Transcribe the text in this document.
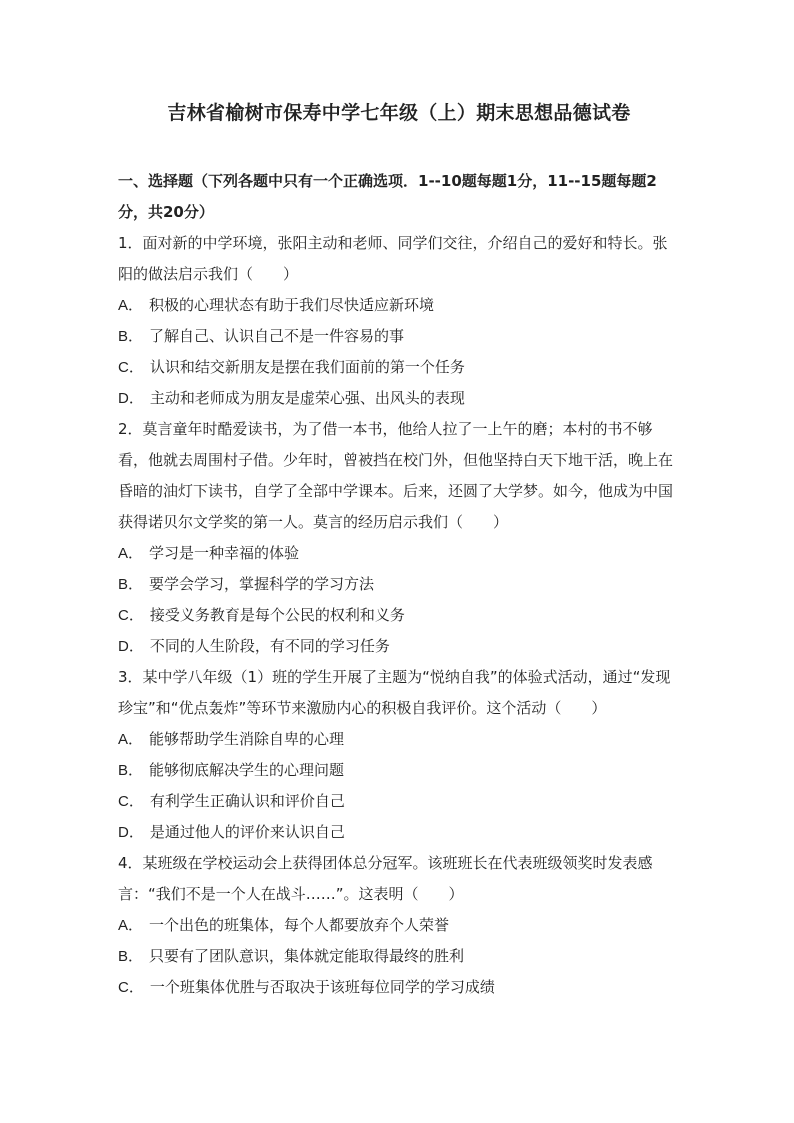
吉林省榆树市保寿中学七年级（上）期末思想品德试卷

一、选择题（下列各题中只有一个正确选项．1--10题每题1分，11--15题每题2分，共20分）

1．面对新的中学环境，张阳主动和老师、同学们交往，介绍自己的爱好和特长。张阳的做法启示我们（　　）

A． 积极的心理状态有助于我们尽快适应新环境

B． 了解自己、认识自己不是一件容易的事

C． 认识和结交新朋友是摆在我们面前的第一个任务

D． 主动和老师成为朋友是虚荣心强、出风头的表现

2．莫言童年时酷爱读书，为了借一本书，他给人拉了一上午的磨；本村的书不够看，他就去周围村子借。少年时，曾被挡在校门外，但他坚持白天下地干活，晚上在昏暗的油灯下读书，自学了全部中学课本。后来，还圆了大学梦。如今，他成为中国获得诺贝尔文学奖的第一人。莫言的经历启示我们（　　）

A． 学习是一种幸福的体验

B． 要学会学习，掌握科学的学习方法

C． 接受义务教育是每个公民的权利和义务

D． 不同的人生阶段，有不同的学习任务

3．某中学八年级（1）班的学生开展了主题为“悦纳自我”的体验式活动，通过“发现珍宝”和“优点轰炸”等环节来激励内心的积极自我评价。这个活动（　　）

A． 能够帮助学生消除自卑的心理

B． 能够彻底解决学生的心理问题

C． 有利学生正确认识和评价自己

D． 是通过他人的评价来认识自己

4．某班级在学校运动会上获得团体总分冠军。该班班长在代表班级领奖时发表感言：“我们不是一个人在战斗……”。这表明（　　）

A． 一个出色的班集体，每个人都要放弃个人荣誉

B． 只要有了团队意识，集体就定能取得最终的胜利

C． 一个班集体优胜与否取决于该班每位同学的学习成绩
